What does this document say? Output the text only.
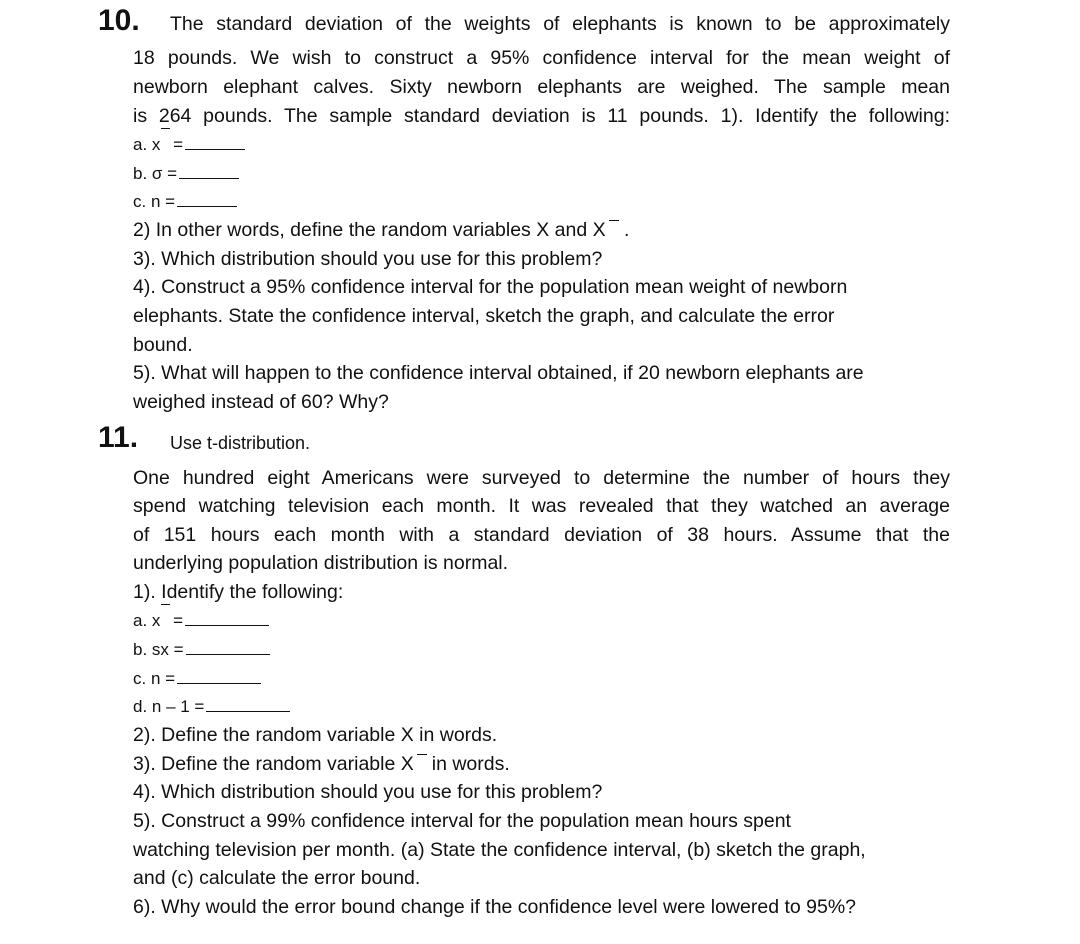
10. The standard deviation of the weights of elephants is known to be approximately
18 pounds. We wish to construct a 95% confidence interval for the mean weight of
newborn elephant calves. Sixty newborn elephants are weighed. The sample mean
is 264 pounds. The sample standard deviation is 11 pounds. 1). Identify the following:
a. x =
b. σ =
c. n =
2) In other words, define the random variables X and X .
3). Which distribution should you use for this problem?
4). Construct a 95% confidence interval for the population mean weight of newborn
elephants. State the confidence interval, sketch the graph, and calculate the error
bound.
5). What will happen to the confidence interval obtained, if 20 newborn elephants are
weighed instead of 60? Why?
11. Use t-distribution.
One hundred eight Americans were surveyed to determine the number of hours they
spend watching television each month. It was revealed that they watched an average
of 151 hours each month with a standard deviation of 38 hours. Assume that the
underlying population distribution is normal.
1). Identify the following:
a. x =
b. sx =
c. n =
d. n – 1 =
2). Define the random variable X in words.
3). Define the random variable X in words.
4). Which distribution should you use for this problem?
5). Construct a 99% confidence interval for the population mean hours spent
watching television per month. (a) State the confidence interval, (b) sketch the graph,
and (c) calculate the error bound.
6). Why would the error bound change if the confidence level were lowered to 95%?
